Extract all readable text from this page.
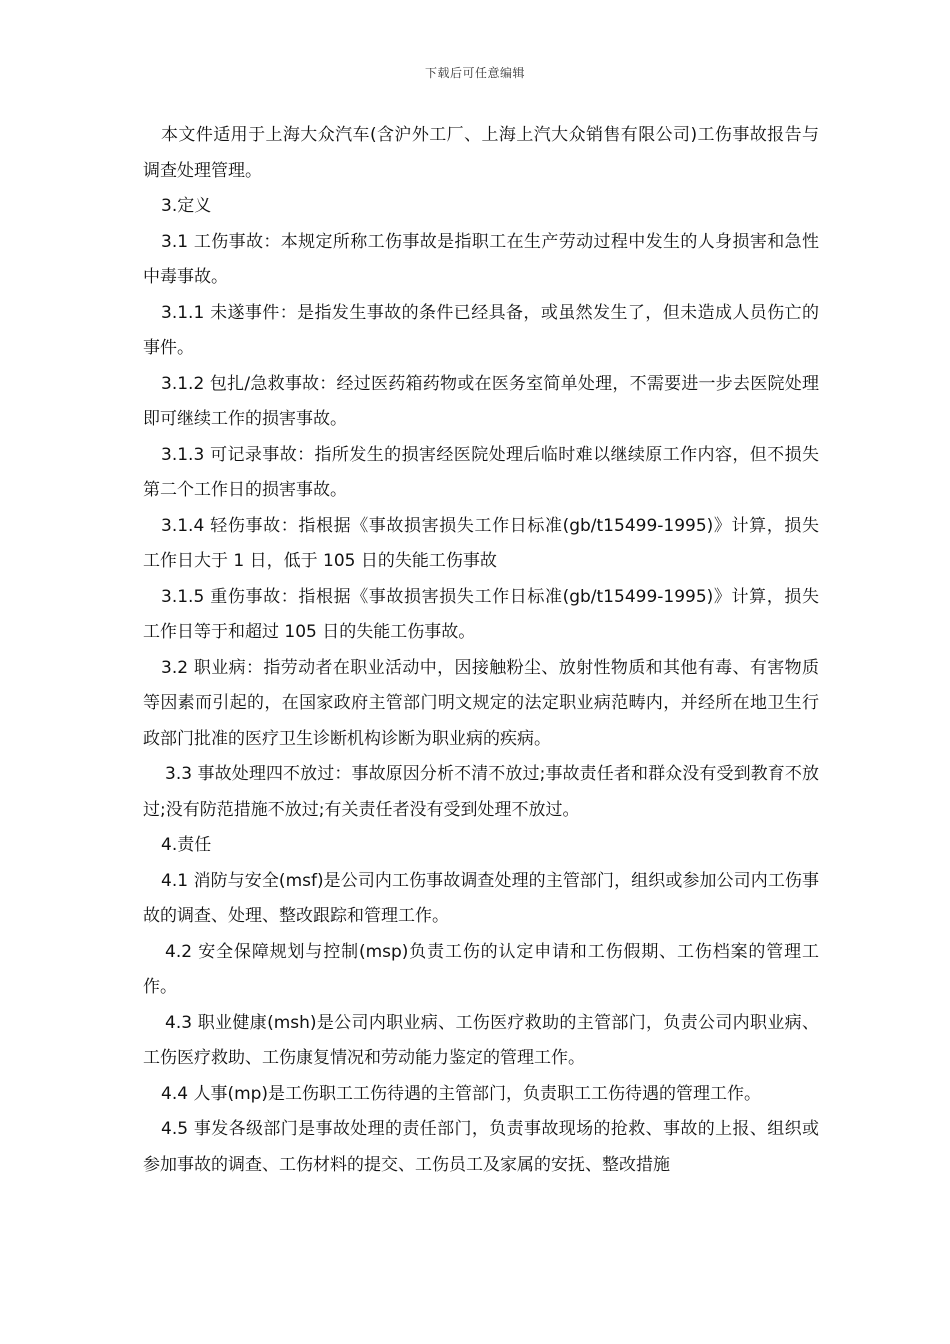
下载后可任意编辑

本文件适用于上海大众汽车(含沪外工厂、上海上汽大众销售有限公司)工伤事故报告与调查处理管理。

3.定义

3.1 工伤事故：本规定所称工伤事故是指职工在生产劳动过程中发生的人身损害和急性中毒事故。

3.1.1 未遂事件：是指发生事故的条件已经具备，或虽然发生了，但未造成人员伤亡的事件。

3.1.2 包扎/急救事故：经过医药箱药物或在医务室简单处理，不需要进一步去医院处理即可继续工作的损害事故。

3.1.3 可记录事故：指所发生的损害经医院处理后临时难以继续原工作内容，但不损失第二个工作日的损害事故。

3.1.4 轻伤事故：指根据《事故损害损失工作日标准(gb/t15499-1995)》计算，损失工作日大于 1 日，低于 105 日的失能工伤事故

3.1.5 重伤事故：指根据《事故损害损失工作日标准(gb/t15499-1995)》计算，损失工作日等于和超过 105 日的失能工伤事故。

3.2 职业病：指劳动者在职业活动中，因接触粉尘、放射性物质和其他有毒、有害物质等因素而引起的，在国家政府主管部门明文规定的法定职业病范畴内，并经所在地卫生行政部门批准的医疗卫生诊断机构诊断为职业病的疾病。

3.3 事故处理四不放过：事故原因分析不清不放过;事故责任者和群众没有受到教育不放过;没有防范措施不放过;有关责任者没有受到处理不放过。

4.责任

4.1 消防与安全(msf)是公司内工伤事故调查处理的主管部门，组织或参加公司内工伤事故的调查、处理、整改跟踪和管理工作。

4.2 安全保障规划与控制(msp)负责工伤的认定申请和工伤假期、工伤档案的管理工作。

4.3 职业健康(msh)是公司内职业病、工伤医疗救助的主管部门，负责公司内职业病、工伤医疗救助、工伤康复情况和劳动能力鉴定的管理工作。

4.4 人事(mp)是工伤职工工伤待遇的主管部门，负责职工工伤待遇的管理工作。

4.5 事发各级部门是事故处理的责任部门，负责事故现场的抢救、事故的上报、组织或参加事故的调查、工伤材料的提交、工伤员工及家属的安抚、整改措施
